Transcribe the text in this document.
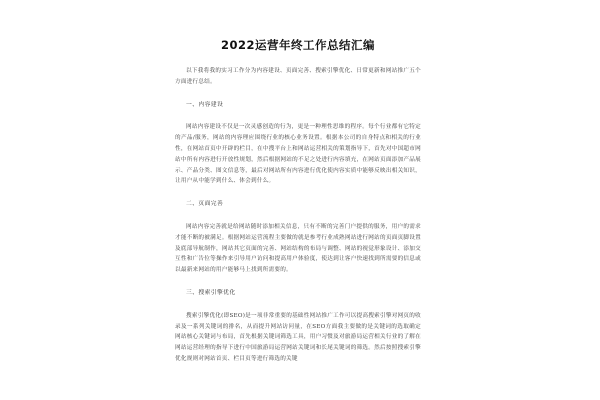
2022运营年终工作总结汇编

以下我将我的实习工作分为内容建设、页面完善、搜索引擎优化、日常更新和网站推广五个方面进行总结。

一、内容建设

网站内容建设不仅是一次灵感创造的行为，更是一种理性思维的程序。每个行业都有它特定的产品/服务，网站的内容理应围绕行业的核心业务设置。根据本公司的自身特点和相关的行业性，在网站首页中开辟的栏目，在中搜平台上和网站运营相关的策划指导下，首先对中国超市网站中所有内容进行开放性规划，然后根据网站的不足之处进行内容填充，在网站页面添加产品展示、产品分类、图文信息等，最后对网站所有内容进行优化使内容实质中能够反映出相关知识，让用户从中能学到什么、体会到什么。

二、页面完善

网站内容完善就是给网站随时添加相关信息，只有不断的完善门户提供的服务，用户的需求才能不断的被满足。根据网站运营流程主要做的就是参考行业成熟网站进行网站的页面页脚设置及底部导航制作，网站其它页面的完善、网站结构的布局与调整、网站的视觉形象设计、添加交互性和广告位等操作来引导用户访问和提高用户体验度，使达到让客户快速找到所需要的信息或以最新来网站的用户能够马上找到所需要的。

三、搜索引擎优化

搜索引擎优化(即SEO)是一项非常重要的基础性网站推广工作可以提高搜索引擎对网页的收录及一系列关键词的排名，从而提升网站访问量，在SEO方面我主要做的是关键词的选取确定网站核心关键词与布局，首先根据关键词筛选工具，用户习惯及对旅游局运营相关行业的了解在网站运营经理的指导下进行中国旅游局运营网站关键词和长尾关键词的筛选。然后按照搜索引擎优化规则对网站首页、栏目页等进行筛选的关键
